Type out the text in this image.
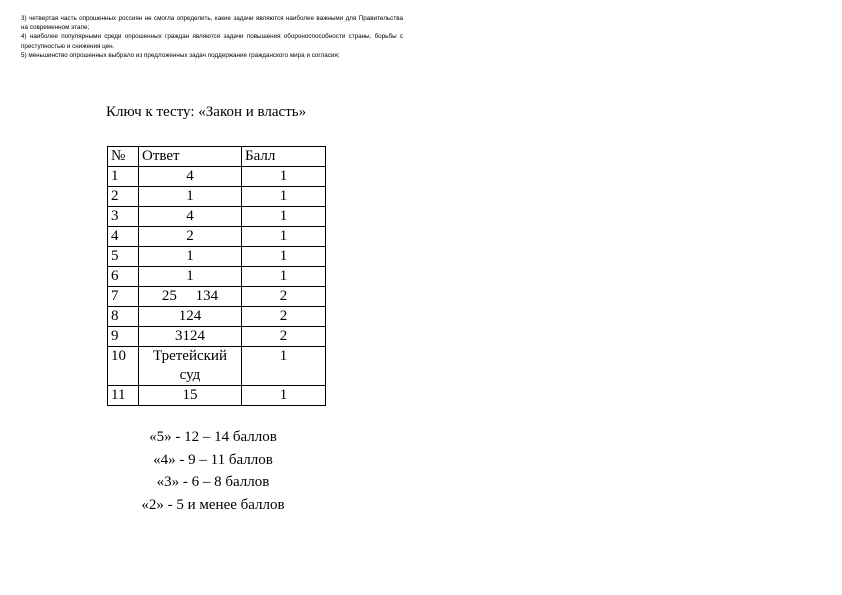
3) четвертая часть опрошенных россиян не смогла определить, какие задачи являются наиболее важными для Правительства на современном этапе;

4) наиболее популярными среди опрошенных граждан являются задачи повышения обороноспособности страны, борьбы с преступностью и снижения цен.

5) меньшинство опрошенных выбрало из предложенных задач поддержание гражданского мира и согласия;

Ключ к тесту: «Закон и власть»
№	Ответ	Балл
1	4	1
2	1	1
3	4	1
4	2	1
5	1	1
6	1	1
7	25     134	2
8	124	2
9	3124	2
10	Третейский суд	1
11	15	1
«5» - 12 – 14 баллов
«4» - 9 – 11 баллов
«3» - 6 – 8 баллов
«2» - 5 и менее баллов
